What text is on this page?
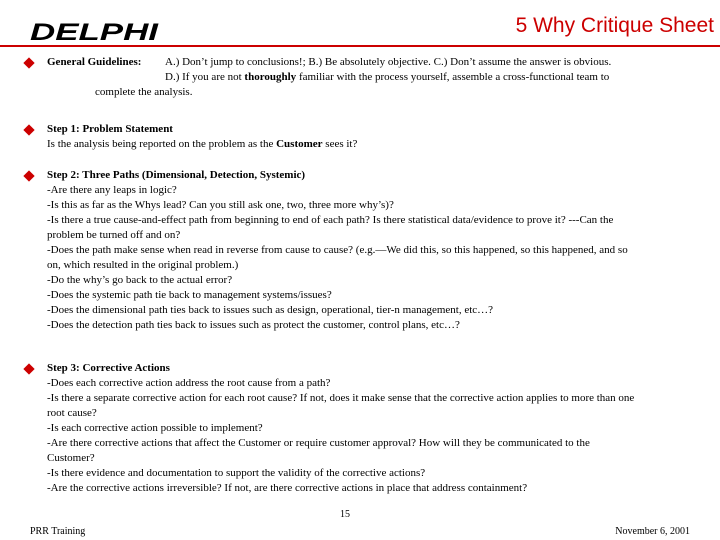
DELPHI	5 Why Critique Sheet
General Guidelines: A.) Don’t jump to conclusions!; B.) Be absolutely objective. C.) Don’t assume the answer is obvious.
D.) If you are not thoroughly familiar with the process yourself, assemble a cross-functional team to
complete the analysis.
Step 1: Problem Statement
Is the analysis being reported on the problem as the Customer sees it?
Step 2: Three Paths (Dimensional, Detection, Systemic)
-Are there any leaps in logic?
-Is this as far as the Whys lead? Can you still ask one, two, three more why’s)?
-Is there a true cause-and-effect path from beginning to end of each path? Is there statistical data/evidence to prove it? ---Can the
problem be turned off and on?
-Does the path make sense when read in reverse from cause to cause? (e.g.—We did this, so this happened, so this happened, and so
on, which resulted in the original problem.)
-Do the why’s go back to the actual error?
-Does the systemic path tie back to management systems/issues?
-Does the dimensional path ties back to issues such as design, operational, tier-n management, etc…?
-Does the detection path ties back to issues such as protect the customer, control plans, etc…?
Step 3: Corrective Actions
-Does each corrective action address the root cause from a path?
-Is there a separate corrective action for each root cause? If not, does it make sense that the corrective action applies to more than one
root cause?
-Is each corrective action possible to implement?
-Are there corrective actions that affect the Customer or require customer approval? How will they be communicated to the
Customer?
-Is there evidence and documentation to support the validity of the corrective actions?
-Are the corrective actions irreversible? If not, are there corrective actions in place that address containment?
15
PRR Training	November 6, 2001
